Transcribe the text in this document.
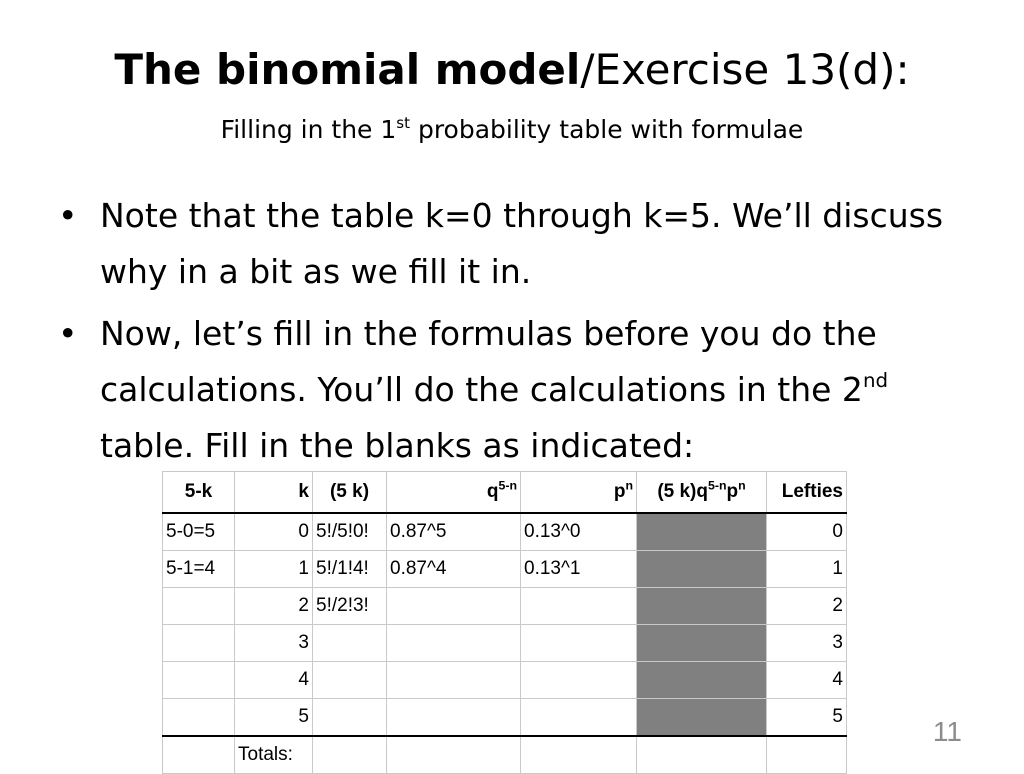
The binomial model/Exercise 13(d):
Filling in the 1st probability table with formulae
• Note that the table k=0 through k=5. We’ll discuss why in a bit as we fill it in.
• Now, let’s fill in the formulas before you do the calculations. You’ll do the calculations in the 2nd table. Fill in the blanks as indicated:
5-k	k	(5 k)	$q^{5-n}$	$p^n$	(5 $k)q^{5-n}p^n$	Lefties
5-0=5	0	5!/5!0!	0.87^5	0.13^0		0
5-1=4	1	5!/1!4!	0.87^4	0.13^1		1
	2	5!/2!3!				2
	3					3
	4					4
	5					5
	Totals:					
11
